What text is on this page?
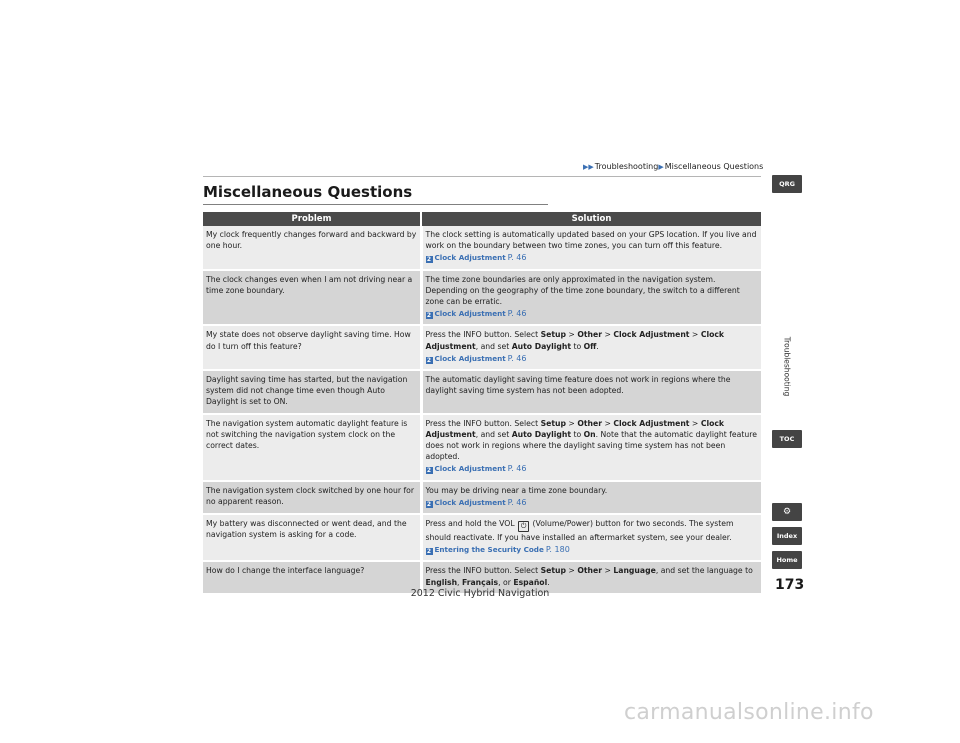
▶▶Troubleshooting▶Miscellaneous Questions
Miscellaneous Questions
Problem	Solution
My clock frequently changes forward and backward by one hour.	The clock setting is automatically updated based on your GPS location. If you live and work on the boundary between two time zones, you can turn off this feature.
2 Clock Adjustment P. 46

The clock changes even when I am not driving near a time zone boundary.	The time zone boundaries are only approximated in the navigation system. Depending on the geography of the time zone boundary, the switch to a different zone can be erratic.
2 Clock Adjustment P. 46

My state does not observe daylight saving time. How do I turn off this feature?	Press the INFO button. Select Setup > Other > Clock Adjustment > Clock Adjustment, and set Auto Daylight to Off.
2 Clock Adjustment P. 46

Daylight saving time has started, but the navigation system did not change time even though Auto Daylight is set to ON.	The automatic daylight saving time feature does not work in regions where the daylight saving time system has not been adopted.
The navigation system automatic daylight feature is not switching the navigation system clock on the correct dates.	Press the INFO button. Select Setup > Other > Clock Adjustment > Clock Adjustment, and set Auto Daylight to On. Note that the automatic daylight feature does not work in regions where the daylight saving time system has not been adopted.
2 Clock Adjustment P. 46

The navigation system clock switched by one hour for no apparent reason.	You may be driving near a time zone boundary.
2 Clock Adjustment P. 46

My battery was disconnected or went dead, and the navigation system is asking for a code.	Press and hold the VOL ⏻ (Volume/Power) button for two seconds. The system should reactivate. If you have installed an aftermarket system, see your dealer.
2 Entering the Security Code P. 180

How do I change the interface language?	Press the INFO button. Select Setup > Other > Language, and set the language to English, Français, or Español.
QRG
Troubleshooting
TOC
⚙
Index
Home
173
2012 Civic Hybrid Navigation
carmanualsonline.info
